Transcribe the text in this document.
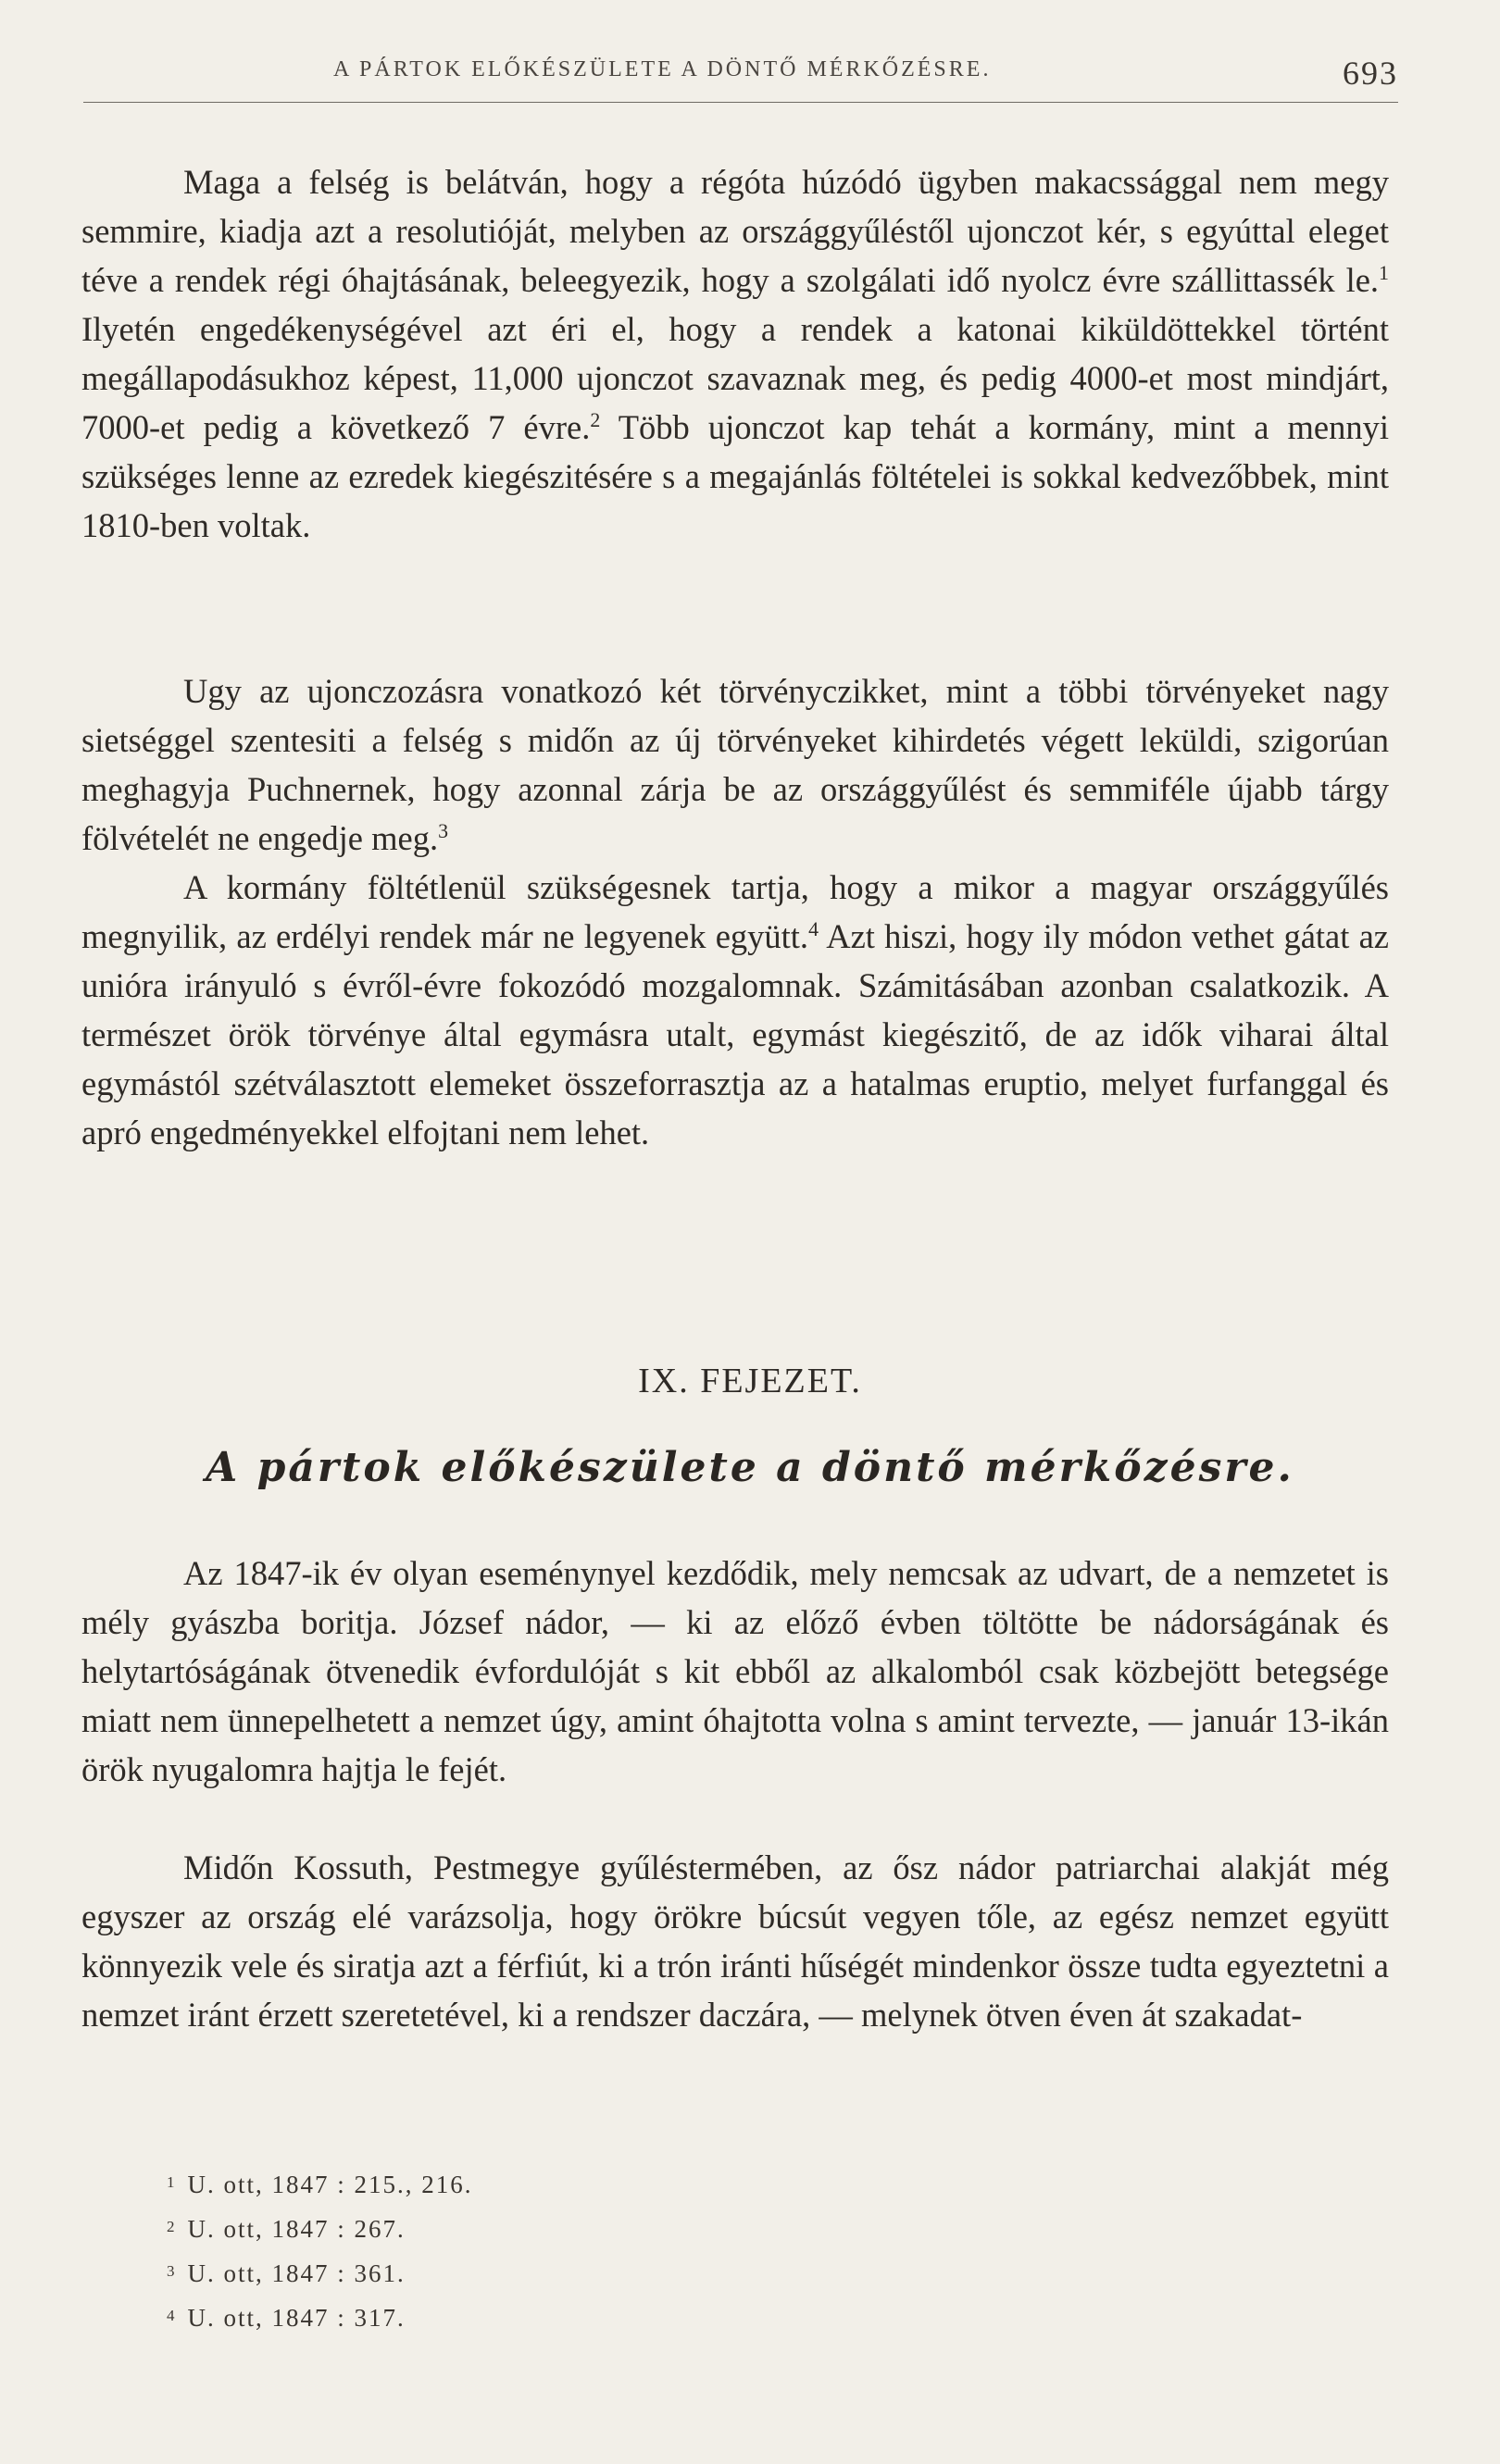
A PÁRTOK ELŐKÉSZÜLETE A DÖNTŐ MÉRKŐZÉSRE.	693

Maga a felség is belátván, hogy a régóta húzódó ügyben makacssággal nem megy semmire, kiadja azt a resolutióját, melyben az országgyűléstől ujonczot kér, s egyúttal eleget téve a rendek régi óhajtásának, beleegyezik, hogy a szolgálati idő nyolcz évre szállittassék le.$^1$ Ilyetén engedékenységével azt éri el, hogy a rendek a katonai kiküldöttekkel történt megállapodásukhoz képest, 11,000 ujonczot szavaznak meg, és pedig 4000-et most mindjárt, 7000-et pedig a következő 7 évre.$^2$ Több ujonczot kap tehát a kormány, mint a mennyi szükséges lenne az ezredek kiegészitésére s a megajánlás föltételei is sokkal kedvezőbbek, mint 1810-ben voltak.

Ugy az ujonczozásra vonatkozó két törvényczikket, mint a többi törvényeket nagy sietséggel szentesiti a felség s midőn az új törvényeket kihirdetés végett leküldi, szigorúan meghagyja Puchnernek, hogy azonnal zárja be az országgyűlést és semmiféle újabb tárgy fölvételét ne engedje meg.$^3$

A kormány föltétlenül szükségesnek tartja, hogy a mikor a magyar országgyűlés megnyilik, az erdélyi rendek már ne legyenek együtt.$^4$ Azt hiszi, hogy ily módon vethet gátat az unióra irányuló s évről-évre fokozódó mozgalomnak. Számitásában azonban csalatkozik. A természet örök törvénye által egymásra utalt, egymást kiegészitő, de az idők viharai által egymástól szétválasztott elemeket összeforrasztja az a hatalmas eruptio, melyet furfanggal és apró engedményekkel elfojtani nem lehet.

IX. FEJEZET.
A pártok előkészülete a döntő mérkőzésre.

Az 1847-ik év olyan eseménynyel kezdődik, mely nemcsak az udvart, de a nemzetet is mély gyászba boritja. József nádor, — ki az előző évben töltötte be nádorságának és helytartóságának ötvenedik évfordulóját s kit ebből az alkalomból csak közbejött betegsége miatt nem ünnepelhetett a nemzet úgy, amint óhajtotta volna s amint tervezte, — január 13-ikán örök nyugalomra hajtja le fejét.

Midőn Kossuth, Pestmegye gyűléstermében, az ősz nádor patriarchai alakját még egyszer az ország elé varázsolja, hogy örökre búcsút vegyen tőle, az egész nemzet együtt könnyezik vele és siratja azt a férfiút, ki a trón iránti hűségét mindenkor össze tudta egyeztetni a nemzet iránt érzett szeretetével, ki a rendszer daczára, — melynek ötven éven át szakadat-

$^1$ U. ott, 1847 : 215., 216.
$^2$ U. ott, 1847 : 267.
$^3$ U. ott, 1847 : 361.
$^4$ U. ott, 1847 : 317.
